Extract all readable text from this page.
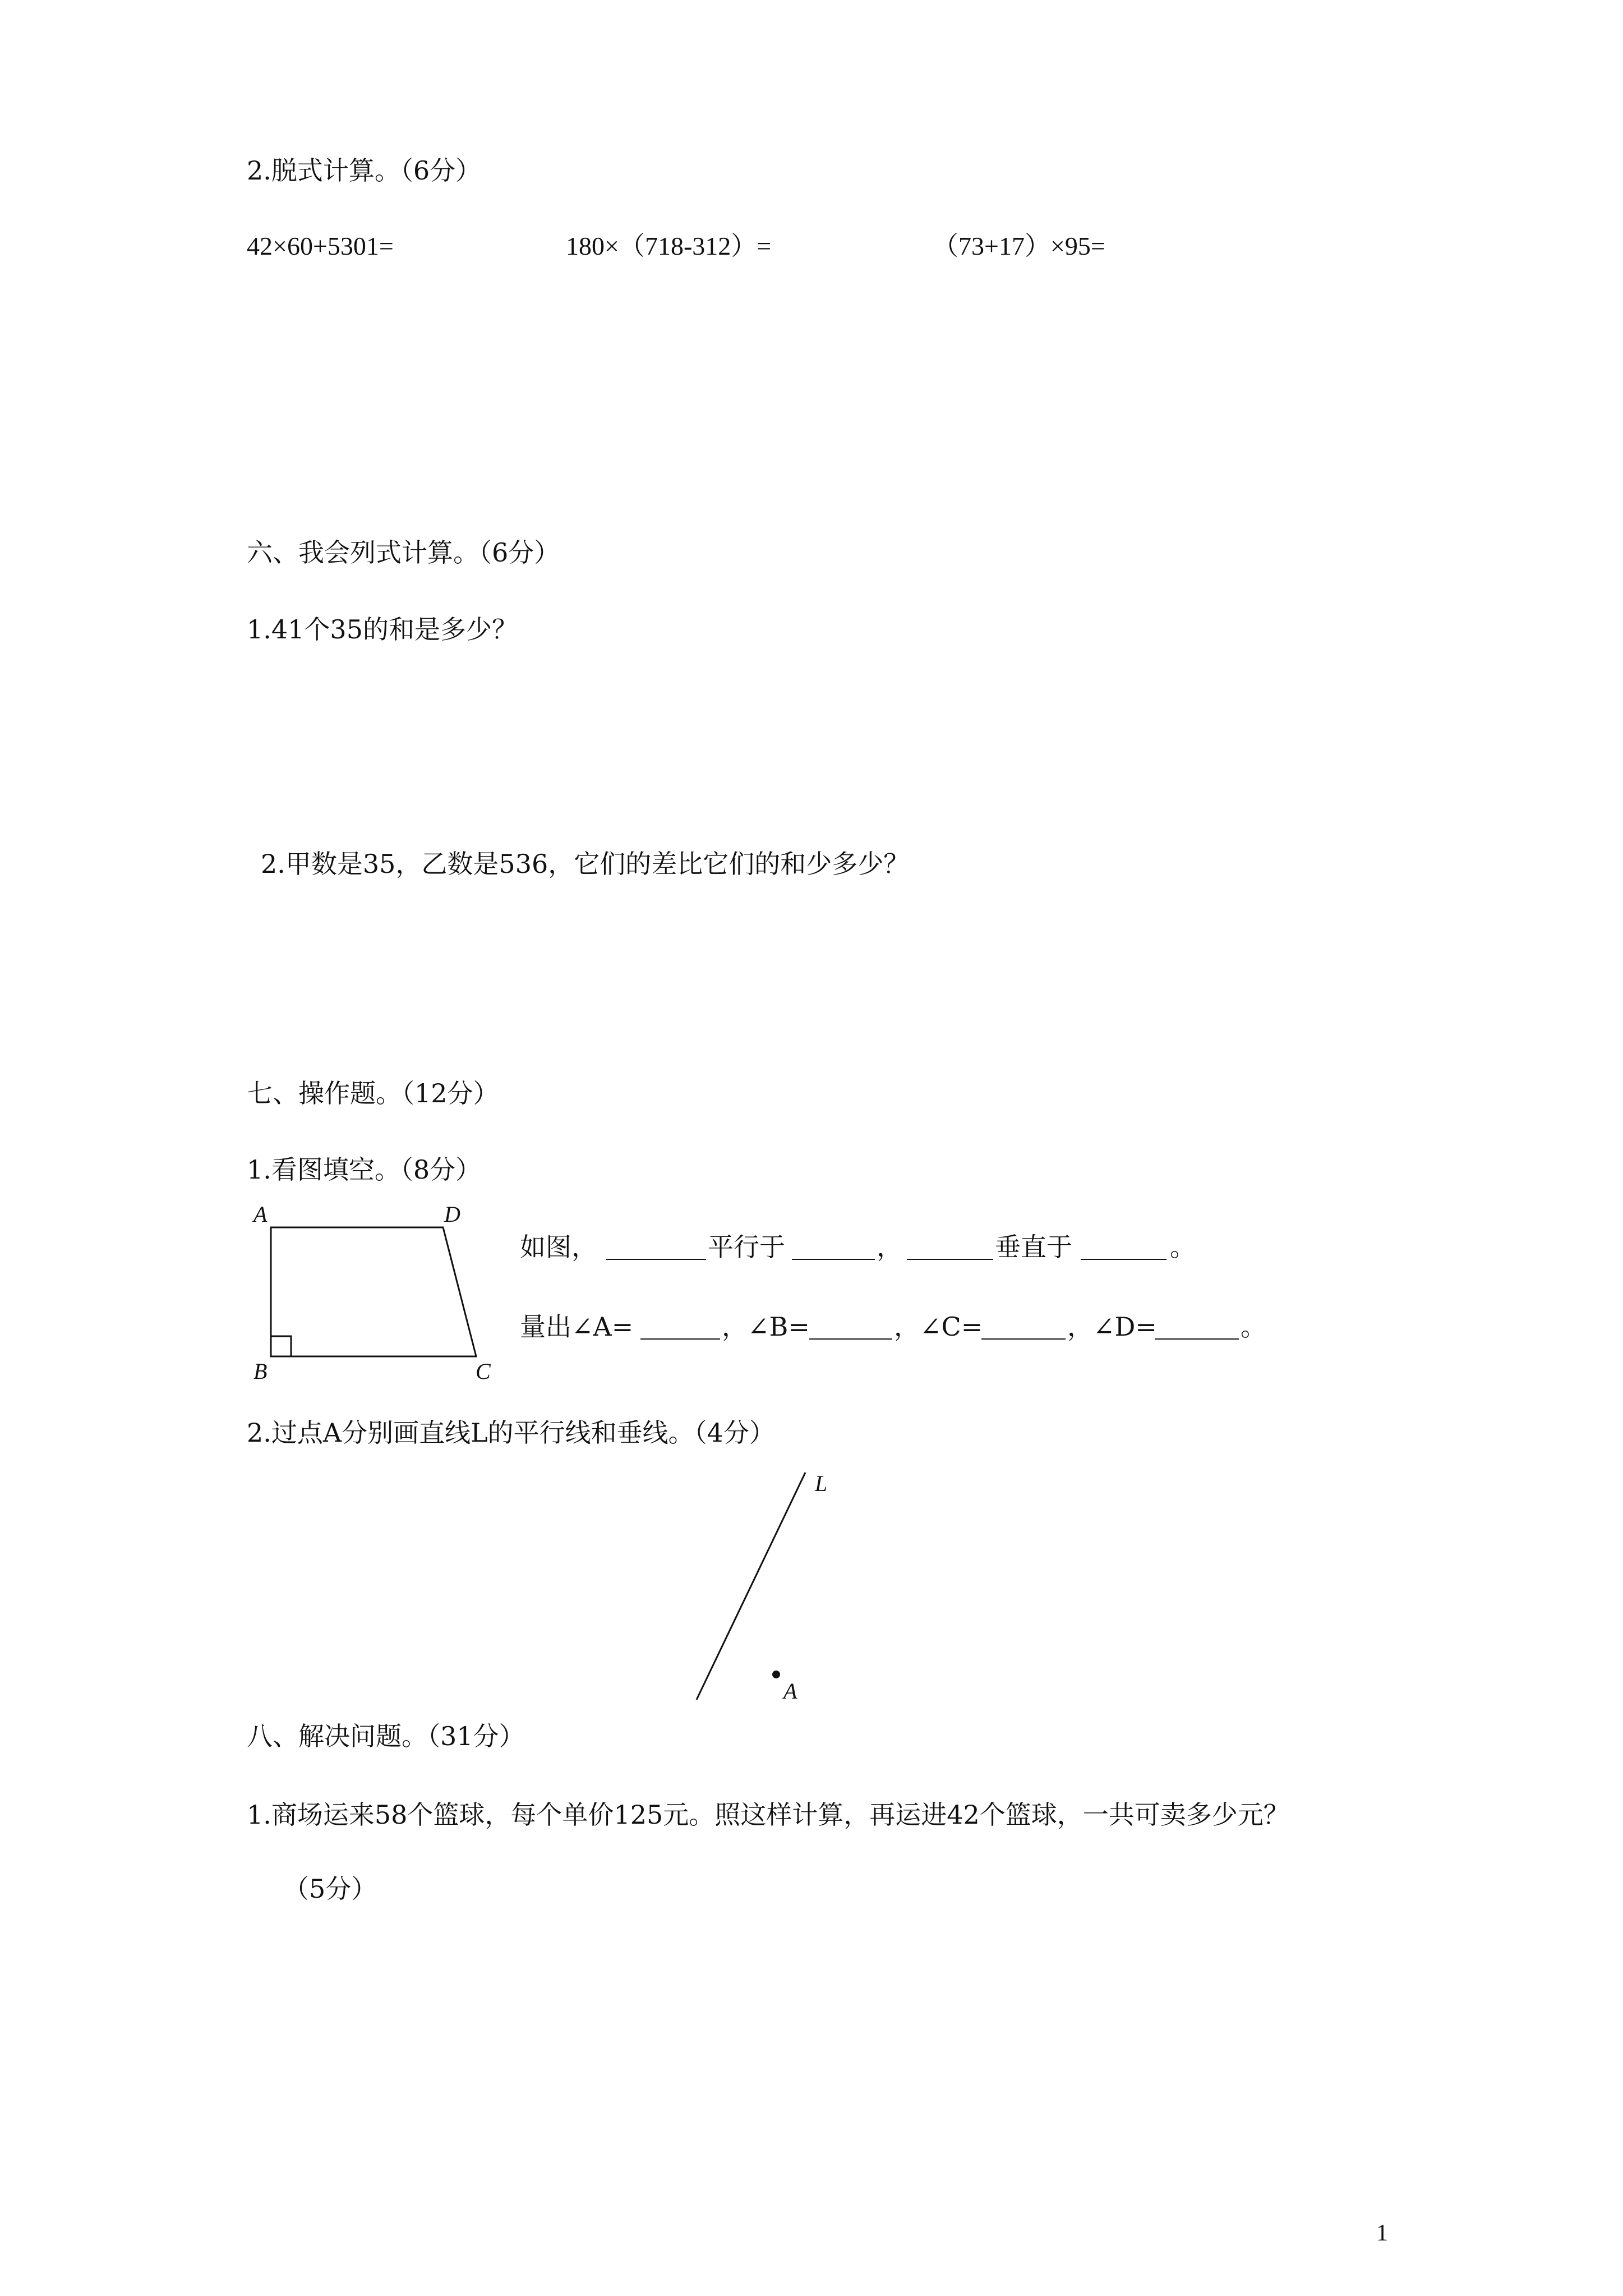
2.脱式计算。（6分）
42×60+5301=	180×（718-312）=	（73+17）×95=
六、我会列式计算。（6分）
1.41个35的和是多少？
2.甲数是35，乙数是536，它们的差比它们的和少多少？
七、操作题。（12分）
1.看图填空。（8分）
A	D
B	C
如图，	平行于	，	垂直于	。
量出∠A=	，∠B=	，∠C=	，∠D=	。
2.过点A分别画直线L的平行线和垂线。（4分）
L
A
八、解决问题。（31分）
1.商场运来58个篮球，每个单价125元。照这样计算，再运进42个篮球，一共可卖多少元？
（5分）
1
